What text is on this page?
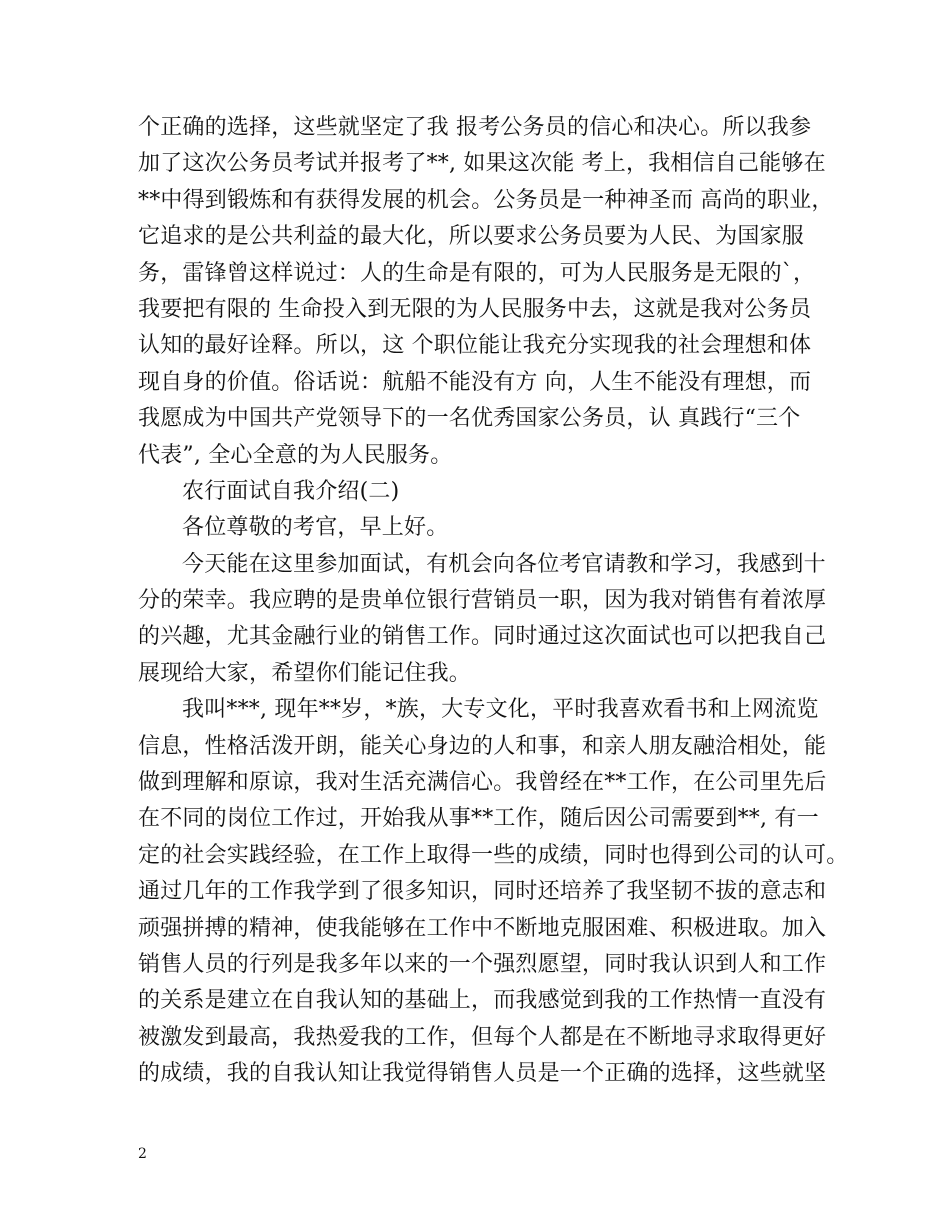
个正确的选择，这些就坚定了我 报考公务员的信心和决心。所以我参
加了这次公务员考试并报考了**, 如果这次能 考上，我相信自己能够在
**中得到锻炼和有获得发展的机会。公务员是一种神圣而 高尚的职业，
它追求的是公共利益的最大化，所以要求公务员要为人民、为国家服
务，雷锋曾这样说过：人的生命是有限的，可为人民服务是无限的`，
我要把有限的 生命投入到无限的为人民服务中去，这就是我对公务员
认知的最好诠释。所以，这 个职位能让我充分实现我的社会理想和体
现自身的价值。俗话说：航船不能没有方 向，人生不能没有理想，而
我愿成为中国共产党领导下的一名优秀国家公务员，认 真践行“三个
代表”, 全心全意的为人民服务。
农行面试自我介绍(二)
各位尊敬的考官，早上好。
今天能在这里参加面试，有机会向各位考官请教和学习，我感到十
分的荣幸。我应聘的是贵单位银行营销员一职，因为我对销售有着浓厚
的兴趣，尤其金融行业的销售工作。同时通过这次面试也可以把我自己
展现给大家，希望你们能记住我。
我叫***, 现年**岁，*族，大专文化，平时我喜欢看书和上网流览
信息，性格活泼开朗，能关心身边的人和事，和亲人朋友融洽相处，能
做到理解和原谅，我对生活充满信心。我曾经在**工作，在公司里先后
在不同的岗位工作过，开始我从事**工作，随后因公司需要到**, 有一
定的社会实践经验，在工作上取得一些的成绩，同时也得到公司的认可。
通过几年的工作我学到了很多知识，同时还培养了我坚韧不拔的意志和
顽强拼搏的精神，使我能够在工作中不断地克服困难、积极进取。加入
销售人员的行列是我多年以来的一个强烈愿望，同时我认识到人和工作
的关系是建立在自我认知的基础上，而我感觉到我的工作热情一直没有
被激发到最高，我热爱我的工作，但每个人都是在不断地寻求取得更好
的成绩，我的自我认知让我觉得销售人员是一个正确的选择，这些就坚
2
